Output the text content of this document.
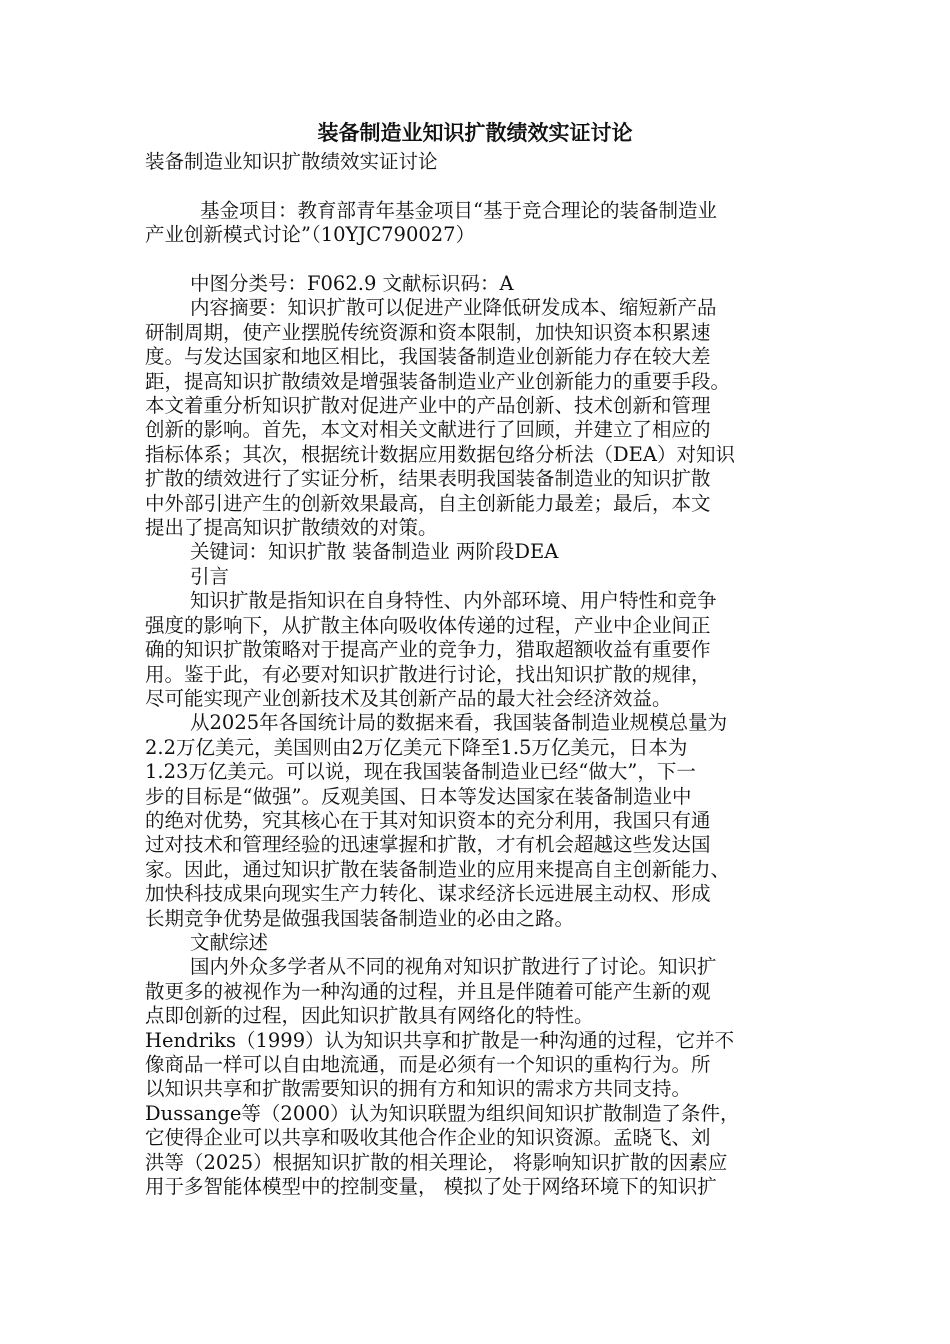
装备制造业知识扩散绩效实证讨论

装备制造业知识扩散绩效实证讨论

基金项目：教育部青年基金项目“基于竞合理论的装备制造业

产业创新模式讨论”（10YJC790027）

中图分类号：F062.9 文献标识码：A

内容摘要：知识扩散可以促进产业降低研发成本、缩短新产品

研制周期，使产业摆脱传统资源和资本限制，加快知识资本积累速

度。与发达国家和地区相比，我国装备制造业创新能力存在较大差

距，提高知识扩散绩效是增强装备制造业产业创新能力的重要手段。

本文着重分析知识扩散对促进产业中的产品创新、技术创新和管理

创新的影响。首先，本文对相关文献进行了回顾，并建立了相应的

指标体系；其次，根据统计数据应用数据包络分析法（DEA）对知识

扩散的绩效进行了实证分析，结果表明我国装备制造业的知识扩散

中外部引进产生的创新效果最高，自主创新能力最差；最后，本文

提出了提高知识扩散绩效的对策。

关键词：知识扩散 装备制造业 两阶段DEA

引言

知识扩散是指知识在自身特性、内外部环境、用户特性和竞争

强度的影响下，从扩散主体向吸收体传递的过程，产业中企业间正

确的知识扩散策略对于提高产业的竞争力，猎取超额收益有重要作

用。鉴于此，有必要对知识扩散进行讨论，找出知识扩散的规律，

尽可能实现产业创新技术及其创新产品的最大社会经济效益。

从2025年各国统计局的数据来看，我国装备制造业规模总量为

2.2万亿美元，美国则由2万亿美元下降至1.5万亿美元，日本为

1.23万亿美元。可以说，现在我国装备制造业已经“做大”，下一

步的目标是“做强”。反观美国、日本等发达国家在装备制造业中

的绝对优势，究其核心在于其对知识资本的充分利用，我国只有通

过对技术和管理经验的迅速掌握和扩散，才有机会超越这些发达国

家。因此，通过知识扩散在装备制造业的应用来提高自主创新能力、

加快科技成果向现实生产力转化、谋求经济长远进展主动权、形成

长期竞争优势是做强我国装备制造业的必由之路。

文献综述

国内外众多学者从不同的视角对知识扩散进行了讨论。知识扩

散更多的被视作为一种沟通的过程，并且是伴随着可能产生新的观

点即创新的过程，因此知识扩散具有网络化的特性。

Hendriks（1999）认为知识共享和扩散是一种沟通的过程，它并不

像商品一样可以自由地流通，而是必须有一个知识的重构行为。所

以知识共享和扩散需要知识的拥有方和知识的需求方共同支持。

Dussange等（2000）认为知识联盟为组织间知识扩散制造了条件，

它使得企业可以共享和吸收其他合作企业的知识资源。孟晓飞、刘

洪等（2025）根据知识扩散的相关理论， 将影响知识扩散的因素应

用于多智能体模型中的控制变量， 模拟了处于网络环境下的知识扩
